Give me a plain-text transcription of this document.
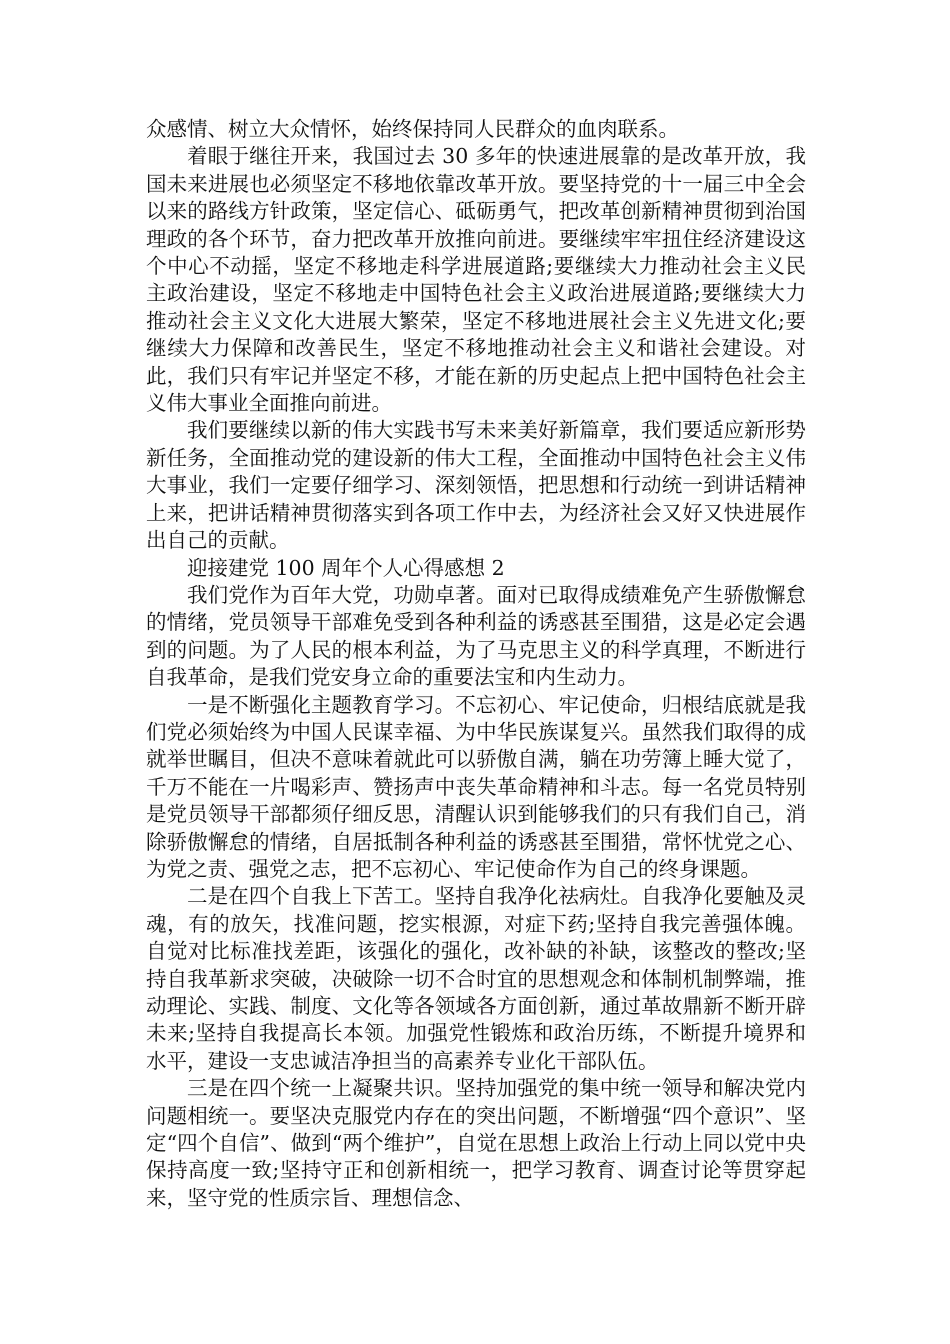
众感情、树立大众情怀，始终保持同人民群众的血肉联系。

着眼于继往开来，我国过去 30 多年的快速进展靠的是改革开放，我国未来进展也必须坚定不移地依靠改革开放。要坚持党的十一届三中全会以来的路线方针政策，坚定信心、砥砺勇气，把改革创新精神贯彻到治国理政的各个环节，奋力把改革开放推向前进。要继续牢牢扭住经济建设这个中心不动摇，坚定不移地走科学进展道路;要继续大力推动社会主义民主政治建设，坚定不移地走中国特色社会主义政治进展道路;要继续大力推动社会主义文化大进展大繁荣，坚定不移地进展社会主义先进文化;要继续大力保障和改善民生，坚定不移地推动社会主义和谐社会建设。对此，我们只有牢记并坚定不移，才能在新的历史起点上把中国特色社会主义伟大事业全面推向前进。

我们要继续以新的伟大实践书写未来美好新篇章，我们要适应新形势新任务，全面推动党的建设新的伟大工程，全面推动中国特色社会主义伟大事业，我们一定要仔细学习、深刻领悟，把思想和行动统一到讲话精神上来，把讲话精神贯彻落实到各项工作中去，为经济社会又好又快进展作出自己的贡献。

迎接建党 100 周年个人心得感想 2

我们党作为百年大党，功勋卓著。面对已取得成绩难免产生骄傲懈怠的情绪，党员领导干部难免受到各种利益的诱惑甚至围猎，这是必定会遇到的问题。为了人民的根本利益，为了马克思主义的科学真理，不断进行自我革命，是我们党安身立命的重要法宝和内生动力。

一是不断强化主题教育学习。不忘初心、牢记使命，归根结底就是我们党必须始终为中国人民谋幸福、为中华民族谋复兴。虽然我们取得的成就举世瞩目，但决不意味着就此可以骄傲自满，躺在功劳簿上睡大觉了，千万不能在一片喝彩声、赞扬声中丧失革命精神和斗志。每一名党员特别是党员领导干部都须仔细反思，清醒认识到能够我们的只有我们自己，消除骄傲懈怠的情绪，自居抵制各种利益的诱惑甚至围猎，常怀忧党之心、为党之责、强党之志，把不忘初心、牢记使命作为自己的终身课题。

二是在四个自我上下苦工。坚持自我净化祛病灶。自我净化要触及灵魂，有的放矢，找准问题，挖实根源，对症下药;坚持自我完善强体魄。自觉对比标准找差距，该强化的强化，改补缺的补缺，该整改的整改;坚持自我革新求突破，决破除一切不合时宜的思想观念和体制机制弊端，推动理论、实践、制度、文化等各领域各方面创新，通过革故鼎新不断开辟未来;坚持自我提高长本领。加强党性锻炼和政治历练，不断提升境界和水平，建设一支忠诚洁净担当的高素养专业化干部队伍。

三是在四个统一上凝聚共识。坚持加强党的集中统一领导和解决党内问题相统一。要坚决克服党内存在的突出问题，不断增强“四个意识”、坚定“四个自信”、做到“两个维护”，自觉在思想上政治上行动上同以党中央保持高度一致;坚持守正和创新相统一，把学习教育、调查讨论等贯穿起来，坚守党的性质宗旨、理想信念、
